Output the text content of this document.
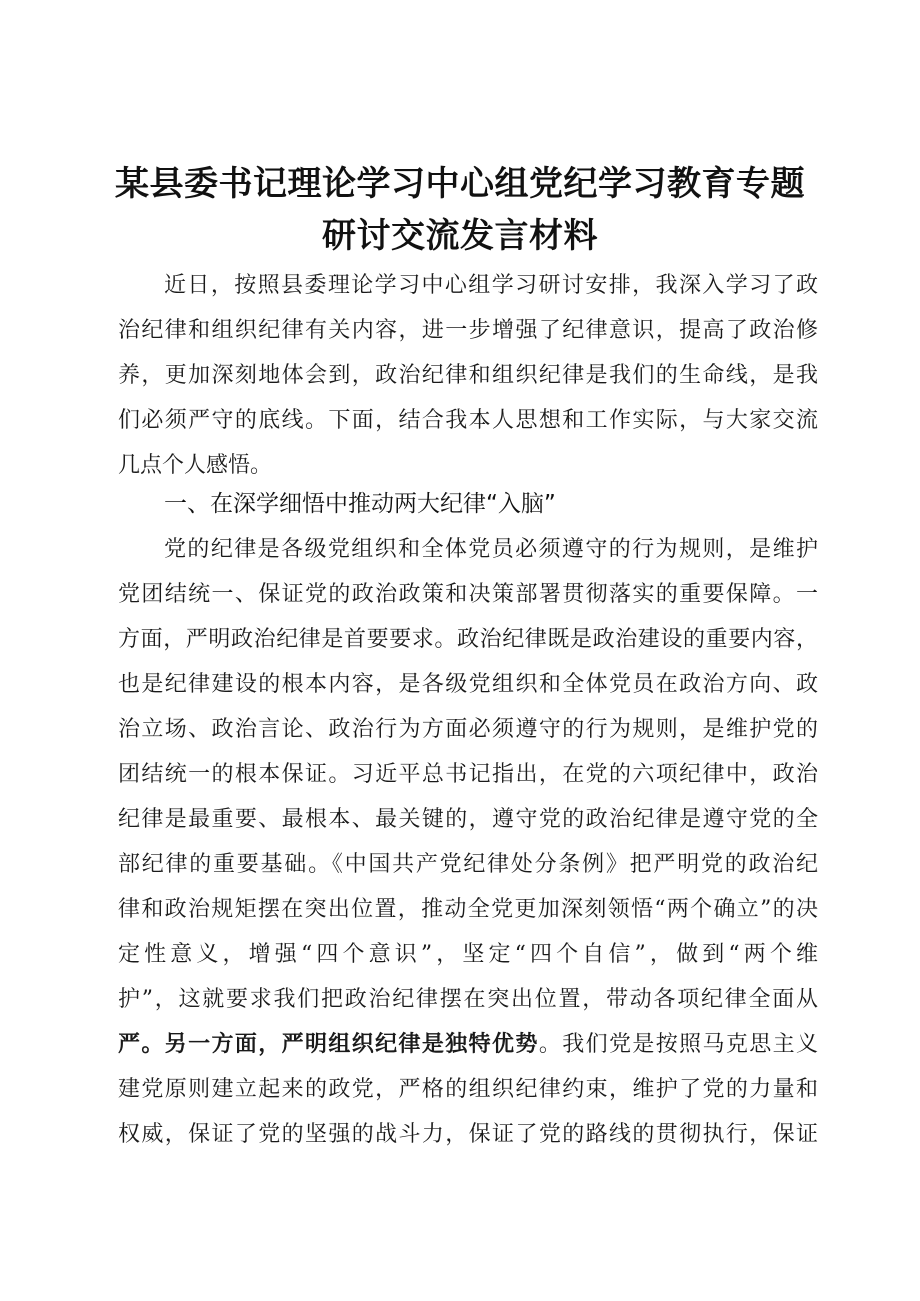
某县委书记理论学习中心组党纪学习教育专题
研讨交流发言材料
近日，按照县委理论学习中心组学习研讨安排，我深入学习了政
治纪律和组织纪律有关内容，进一步增强了纪律意识，提高了政治修
养，更加深刻地体会到，政治纪律和组织纪律是我们的生命线，是我
们必须严守的底线。下面，结合我本人思想和工作实际，与大家交流
几点个人感悟。
一、在深学细悟中推动两大纪律“入脑”
党的纪律是各级党组织和全体党员必须遵守的行为规则，是维护
党团结统一、保证党的政治政策和决策部署贯彻落实的重要保障。一
方面，严明政治纪律是首要要求。政治纪律既是政治建设的重要内容，
也是纪律建设的根本内容，是各级党组织和全体党员在政治方向、政
治立场、政治言论、政治行为方面必须遵守的行为规则，是维护党的
团结统一的根本保证。习近平总书记指出，在党的六项纪律中，政治
纪律是最重要、最根本、最关键的，遵守党的政治纪律是遵守党的全
部纪律的重要基础。《中国共产党纪律处分条例》把严明党的政治纪
律和政治规矩摆在突出位置，推动全党更加深刻领悟“两个确立”的决
定性意义，增强“四个意识”，坚定“四个自信”，做到“两个维
护”，这就要求我们把政治纪律摆在突出位置，带动各项纪律全面从
严。另一方面，严明组织纪律是独特优势。我们党是按照马克思主义
建党原则建立起来的政党，严格的组织纪律约束，维护了党的力量和
权威，保证了党的坚强的战斗力，保证了党的路线的贯彻执行，保证
